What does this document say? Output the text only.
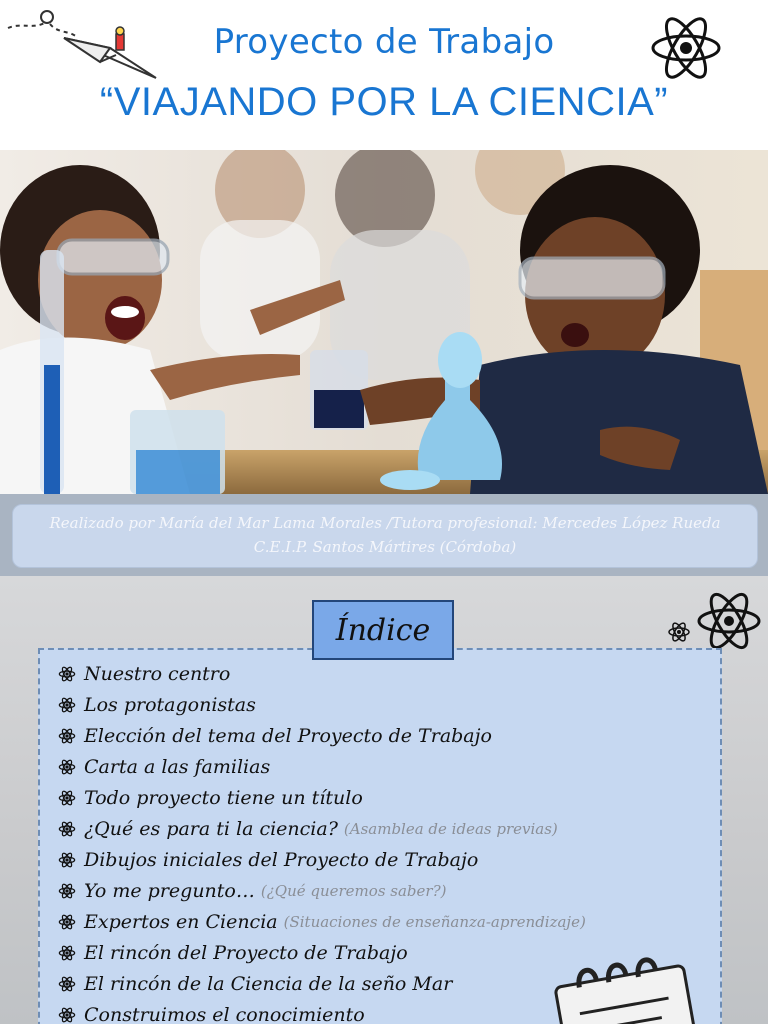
Proyecto de Trabajo
“VIAJANDO POR LA CIENCIA”
Realizado por María del Mar Lama Morales /Tutora profesional: Mercedes López Rueda
C.E.I.P. Santos Mártires (Córdoba)
Nuestro centro
Los protagonistas
Elección del tema del Proyecto de Trabajo
Carta a las familias
Todo proyecto tiene un título
¿Qué es para ti la ciencia? (Asamblea de ideas previas)
Dibujos iniciales del Proyecto de Trabajo
Yo me pregunto… (¿Qué queremos saber?)
Expertos en Ciencia (Situaciones de enseñanza-aprendizaje)
El rincón del Proyecto de Trabajo
El rincón de la Ciencia de la seño Mar
Construimos el conocimiento
Índice
